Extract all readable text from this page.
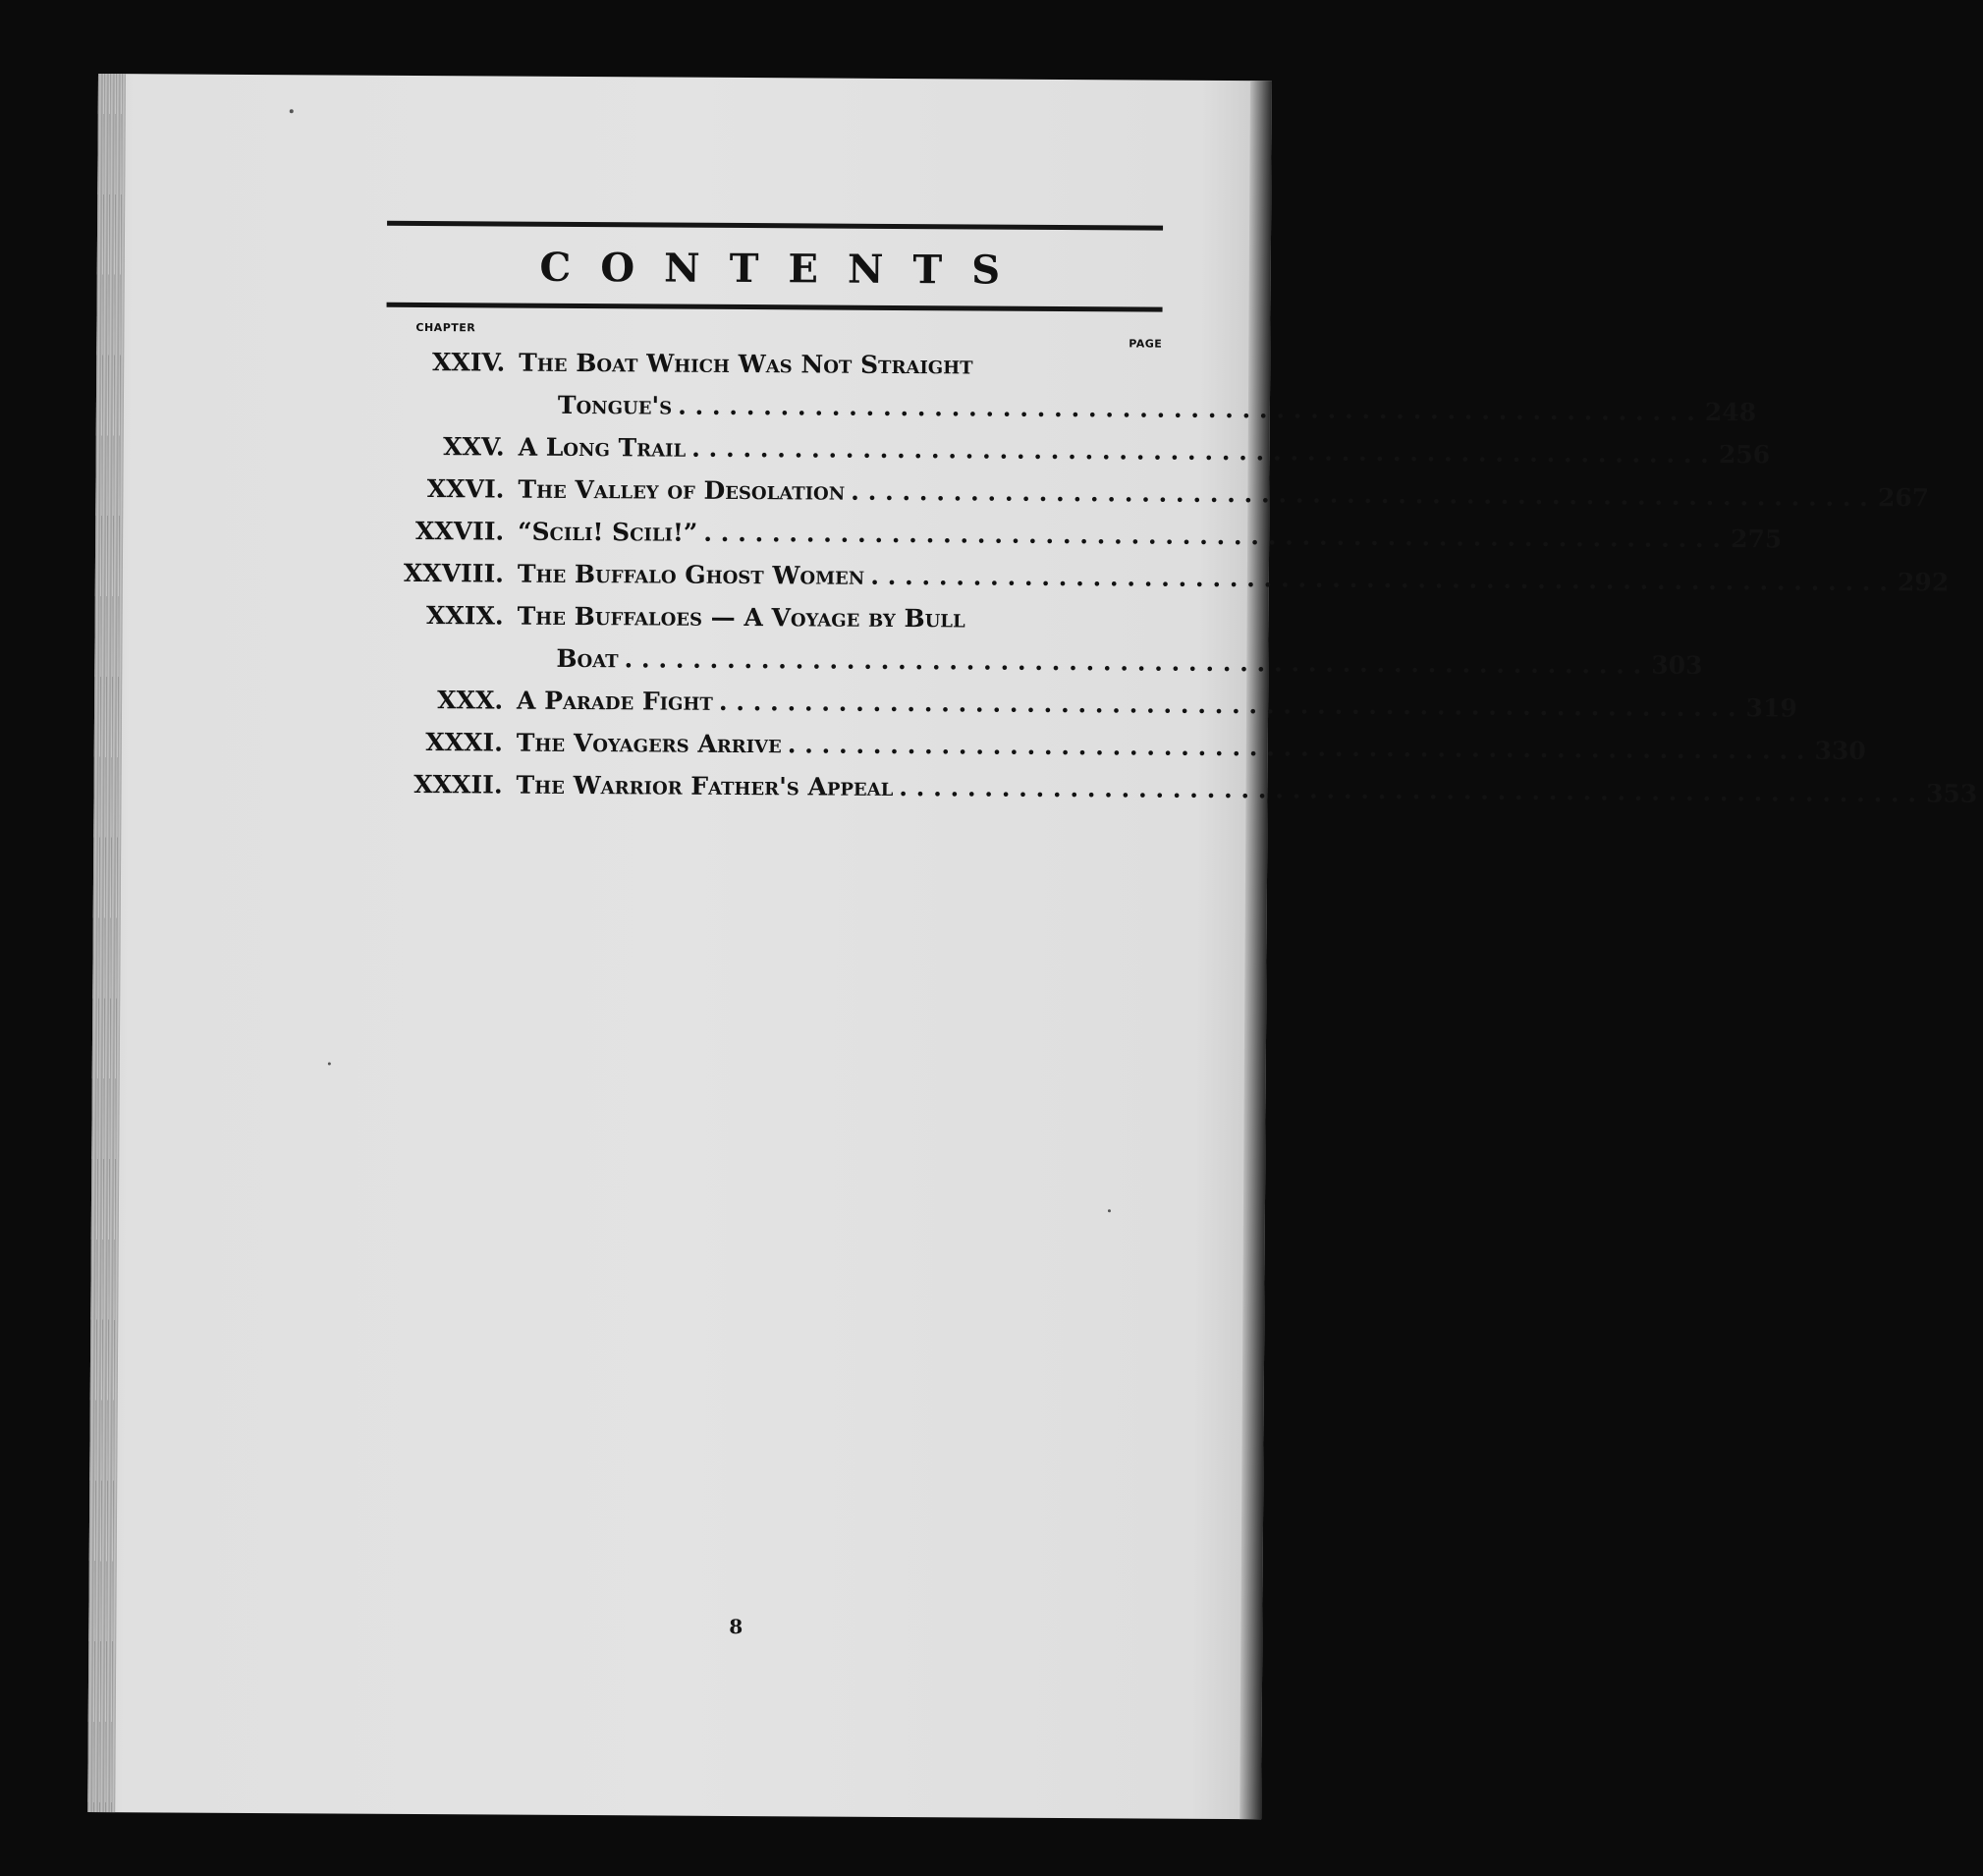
CONTENTS
CHAPTER
PAGE
XXIV. The Boat Which Was Not Straight
Tongue's . . . . . . . . . . . . . . . . . . . . . . . . . . . . . . . . . . . . . . . . . . . . . . . . . . . . . . . . . . . . 248
XXV. A Long Trail . . . . . . . . . . . . . . . . . . . . . . . . . . . . . . . . . . . . . . . . . . . . . . . . . . . . . . . . . . . . 256
XXVI. The Valley of Desolation . . . . . . . . . . . . . . . . . . . . . . . . . . . . . . . . . . . . . . . . . . . . . . . . . . . . . . . . . . . . 267
XXVII. “Scili! Scili!” . . . . . . . . . . . . . . . . . . . . . . . . . . . . . . . . . . . . . . . . . . . . . . . . . . . . . . . . . . . . 275
XXVIII. The Buffalo Ghost Women . . . . . . . . . . . . . . . . . . . . . . . . . . . . . . . . . . . . . . . . . . . . . . . . . . . . . . . . . . . . 292
XXIX. The Buffaloes — A Voyage by Bull
Boat . . . . . . . . . . . . . . . . . . . . . . . . . . . . . . . . . . . . . . . . . . . . . . . . . . . . . . . . . . . . 303
XXX. A Parade Fight . . . . . . . . . . . . . . . . . . . . . . . . . . . . . . . . . . . . . . . . . . . . . . . . . . . . . . . . . . . . 319
XXXI. The Voyagers Arrive . . . . . . . . . . . . . . . . . . . . . . . . . . . . . . . . . . . . . . . . . . . . . . . . . . . . . . . . . . . . 330
XXXII. The Warrior Father's Appeal . . . . . . . . . . . . . . . . . . . . . . . . . . . . . . . . . . . . . . . . . . . . . . . . . . . . . . . . . . . . 353
8
